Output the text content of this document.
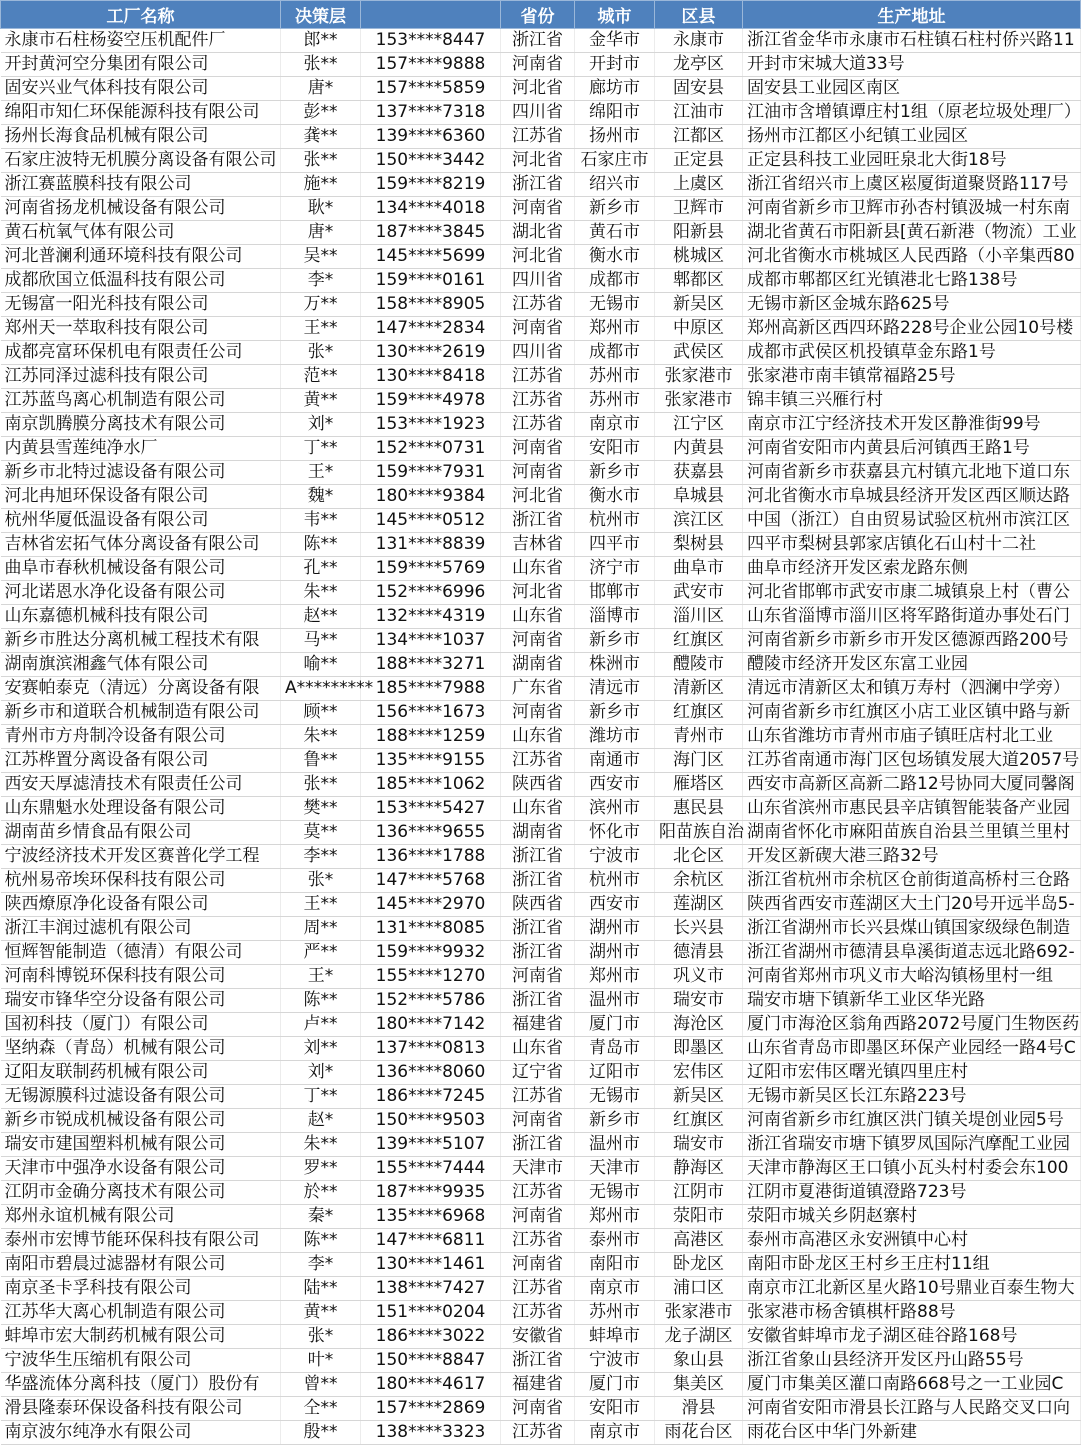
工厂名称	决策层		省份	城市	区县	生产地址
永康市石柱杨姿空压机配件厂	郎**	153****8447	浙江省	金华市	永康市	浙江省金华市永康市石柱镇石柱村侨兴路11
开封黄河空分集团有限公司	张**	157****9888	河南省	开封市	龙亭区	开封市宋城大道33号
固安兴业气体科技有限公司	唐*	157****5859	河北省	廊坊市	固安县	固安县工业园区南区
绵阳市知仁环保能源科技有限公司	彭**	137****7318	四川省	绵阳市	江油市	江油市含增镇谭庄村1组（原老垃圾处理厂）
扬州长海食品机械有限公司	龚**	139****6360	江苏省	扬州市	江都区	扬州市江都区小纪镇工业园区
石家庄波特无机膜分离设备有限公司	张**	150****3442	河北省	石家庄市	正定县	正定县科技工业园旺泉北大街18号
浙江赛蓝膜科技有限公司	施**	159****8219	浙江省	绍兴市	上虞区	浙江省绍兴市上虞区崧厦街道聚贤路117号
河南省扬龙机械设备有限公司	耿*	134****4018	河南省	新乡市	卫辉市	河南省新乡市卫辉市孙杏村镇汲城一村东南
黄石杭氧气体有限公司	唐*	187****3845	湖北省	黄石市	阳新县	湖北省黄石市阳新县[黄石新港（物流）工业
河北普澜利通环境科技有限公司	吴**	145****5699	河北省	衡水市	桃城区	河北省衡水市桃城区人民西路（小辛集西80
成都欣国立低温科技有限公司	李*	159****0161	四川省	成都市	郫都区	成都市郫都区红光镇港北七路138号
无锡富一阳光科技有限公司	万**	158****8905	江苏省	无锡市	新吴区	无锡市新区金城东路625号
郑州天一萃取科技有限公司	王**	147****2834	河南省	郑州市	中原区	郑州高新区西四环路228号企业公园10号楼
成都亮富环保机电有限责任公司	张*	130****2619	四川省	成都市	武侯区	成都市武侯区机投镇草金东路1号
江苏同泽过滤科技有限公司	范**	130****8418	江苏省	苏州市	张家港市	张家港市南丰镇常福路25号
江苏蓝鸟离心机制造有限公司	黄**	159****4978	江苏省	苏州市	张家港市	锦丰镇三兴雁行村
南京凯腾膜分离技术有限公司	刘*	153****1923	江苏省	南京市	江宁区	南京市江宁经济技术开发区静淮街99号
内黄县雪莲纯净水厂	丁**	152****0731	河南省	安阳市	内黄县	河南省安阳市内黄县后河镇西王路1号
新乡市北特过滤设备有限公司	王*	159****7931	河南省	新乡市	获嘉县	河南省新乡市获嘉县亢村镇亢北地下道口东
河北冉旭环保设备有限公司	魏*	180****9384	河北省	衡水市	阜城县	河北省衡水市阜城县经济开发区西区顺达路
杭州华厦低温设备有限公司	韦**	145****0512	浙江省	杭州市	滨江区	中国（浙江）自由贸易试验区杭州市滨江区
吉林省宏拓气体分离设备有限公司	陈**	131****8839	吉林省	四平市	梨树县	四平市梨树县郭家店镇化石山村十二社
曲阜市春秋机械设备有限公司	孔**	159****5769	山东省	济宁市	曲阜市	曲阜市经济开发区索龙路东侧
河北诺恩水净化设备有限公司	朱**	152****6996	河北省	邯郸市	武安市	河北省邯郸市武安市康二城镇泉上村（曹公
山东嘉德机械科技有限公司	赵**	132****4319	山东省	淄博市	淄川区	山东省淄博市淄川区将军路街道办事处石门
新乡市胜达分离机械工程技术有限	马**	134****1037	河南省	新乡市	红旗区	河南省新乡市新乡市开发区德源西路200号
湖南旗滨湘鑫气体有限公司	喻**	188****3271	湖南省	株洲市	醴陵市	醴陵市经济开发区东富工业园
安赛帕泰克（清远）分离设备有限	A*********	185****7988	广东省	清远市	清新区	清远市清新区太和镇万寿村（泗澜中学旁）
新乡市和道联合机械制造有限公司	顾**	156****1673	河南省	新乡市	红旗区	河南省新乡市红旗区小店工业区镇中路与新
青州市方舟制冷设备有限公司	朱**	188****1259	山东省	潍坊市	青州市	山东省潍坊市青州市庙子镇旺店村北工业
江苏桦置分离设备有限公司	鲁**	135****9155	江苏省	南通市	海门区	江苏省南通市海门区包场镇发展大道2057号
西安天厚滤清技术有限责任公司	张**	185****1062	陕西省	西安市	雁塔区	西安市高新区高新二路12号协同大厦同馨阁
山东鼎魁水处理设备有限公司	樊**	153****5427	山东省	滨州市	惠民县	山东省滨州市惠民县辛店镇智能装备产业园
湖南苗乡情食品有限公司	莫**	136****9655	湖南省	怀化市	阳苗族自治	湖南省怀化市麻阳苗族自治县兰里镇兰里村
宁波经济技术开发区赛普化学工程	李**	136****1788	浙江省	宁波市	北仑区	开发区新碶大港三路32号
杭州易帝埃环保科技有限公司	张*	147****5768	浙江省	杭州市	余杭区	浙江省杭州市余杭区仓前街道高桥村三仓路
陕西燎原净化设备有限公司	王**	145****2970	陕西省	西安市	莲湖区	陕西省西安市莲湖区大土门20号开远半岛5-
浙江丰润过滤机有限公司	周**	131****8085	浙江省	湖州市	长兴县	浙江省湖州市长兴县煤山镇国家级绿色制造
恒辉智能制造（德清）有限公司	严**	159****9932	浙江省	湖州市	德清县	浙江省湖州市德清县阜溪街道志远北路692-
河南科博锐环保科技有限公司	王*	155****1270	河南省	郑州市	巩义市	河南省郑州市巩义市大峪沟镇杨里村一组
瑞安市锋华空分设备有限公司	陈**	152****5786	浙江省	温州市	瑞安市	瑞安市塘下镇新华工业区华光路
国初科技（厦门）有限公司	卢**	180****7142	福建省	厦门市	海沧区	厦门市海沧区翁角西路2072号厦门生物医药
坚纳森（青岛）机械有限公司	刘**	137****0813	山东省	青岛市	即墨区	山东省青岛市即墨区环保产业园经一路4号C
辽阳友联制药机械有限公司	刘*	136****8060	辽宁省	辽阳市	宏伟区	辽阳市宏伟区曙光镇四里庄村
无锡源膜科过滤设备有限公司	丁**	186****7245	江苏省	无锡市	新吴区	无锡市新吴区长江东路223号
新乡市锐成机械设备有限公司	赵*	150****9503	河南省	新乡市	红旗区	河南省新乡市红旗区洪门镇关堤创业园5号
瑞安市建国塑料机械有限公司	朱**	139****5107	浙江省	温州市	瑞安市	浙江省瑞安市塘下镇罗凤国际汽摩配工业园
天津市中强净水设备有限公司	罗**	155****7444	天津市	天津市	静海区	天津市静海区王口镇小瓦头村村委会东100
江阴市金确分离技术有限公司	於**	187****9935	江苏省	无锡市	江阴市	江阴市夏港街道镇澄路723号
郑州永谊机械有限公司	秦*	135****6968	河南省	郑州市	荥阳市	荥阳市城关乡阴赵寨村
泰州市宏博节能环保科技有限公司	陈**	147****6811	江苏省	泰州市	高港区	泰州市高港区永安洲镇中心村
南阳市碧晨过滤器材有限公司	李*	130****1461	河南省	南阳市	卧龙区	南阳市卧龙区王村乡王庄村11组
南京圣卡孚科技有限公司	陆**	138****7427	江苏省	南京市	浦口区	南京市江北新区星火路10号鼎业百泰生物大
江苏华大离心机制造有限公司	黄**	151****0204	江苏省	苏州市	张家港市	张家港市杨舍镇棋杆路88号
蚌埠市宏大制药机械有限公司	张*	186****3022	安徽省	蚌埠市	龙子湖区	安徽省蚌埠市龙子湖区硅谷路168号
宁波华生压缩机有限公司	叶*	150****8847	浙江省	宁波市	象山县	浙江省象山县经济开发区丹山路55号
华盛流体分离科技（厦门）股份有	曾**	180****4617	福建省	厦门市	集美区	厦门市集美区灌口南路668号之一工业园C
滑县隆泰环保设备科技有限公司	仝**	157****2869	河南省	安阳市	滑县	河南省安阳市滑县长江路与人民路交叉口向
南京波尔纯净水有限公司	殷**	138****3323	江苏省	南京市	雨花台区	雨花台区中华门外新建
